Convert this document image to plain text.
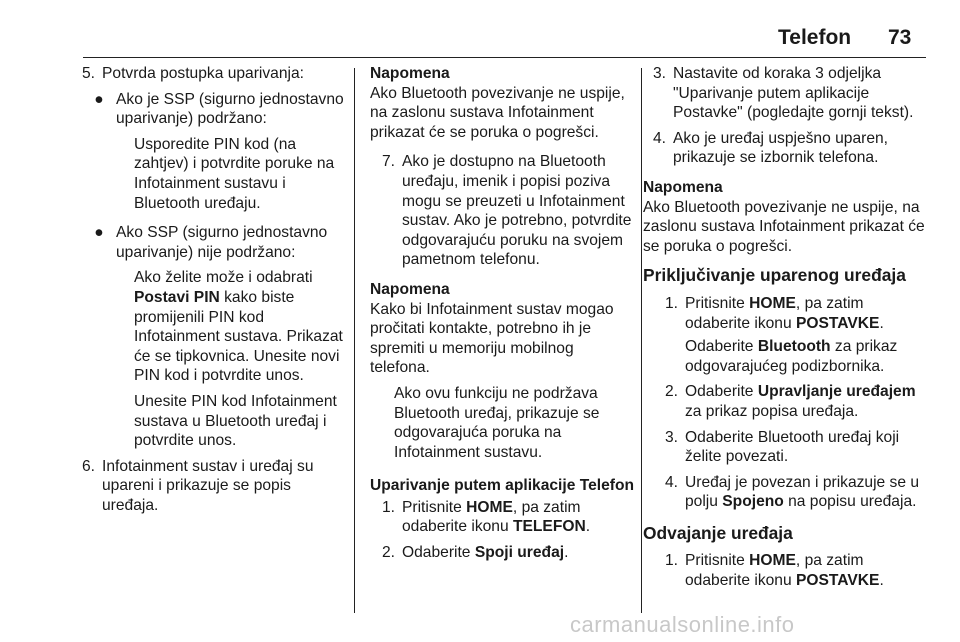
Telefon 73
5. Potvrda postupka uparivanja:
● Ako je SSP (sigurno jednostavno uparivanje) podržano:

Usporedite PIN kod (na zahtjev) i potvrdite poruke na Infotainment sustavu i Bluetooth uređaju.

● Ako SSP (sigurno jednostavno uparivanje) nije podržano:

Ako želite može i odabrati Postavi PIN kako biste promijenili PIN kod Infotainment sustava. Prikazat će se tipkovnica. Unesite novi PIN kod i potvrdite unos.

Unesite PIN kod Infotainment sustava u Bluetooth uređaj i potvrdite unos.

6. Infotainment sustav i uređaj su upareni i prikazuje se popis uređaja.

Napomena

Ako Bluetooth povezivanje ne uspije, na zaslonu sustava Infotainment prikazat će se poruka o pogrešci.

7. Ako je dostupno na Bluetooth uređaju, imenik i popisi poziva mogu se preuzeti u Infotainment sustav. Ako je potrebno, potvrdite odgovarajuću poruku na svojem pametnom telefonu.

Napomena

Kako bi Infotainment sustav mogao pročitati kontakte, potrebno ih je spremiti u memoriju mobilnog telefona.

Ako ovu funkciju ne podržava Bluetooth uređaj, prikazuje se odgovarajuća poruka na Infotainment sustavu.

Uparivanje putem aplikacije Telefon

1. Pritisnite HOME, pa zatim odaberite ikonu TELEFON.
2. Odaberite Spoji uređaj.
3. Nastavite od koraka 3 odjeljka "Uparivanje putem aplikacije Postavke" (pogledajte gornji tekst).
4. Ako je uređaj uspješno uparen, prikazuje se izbornik telefona.

Napomena

Ako Bluetooth povezivanje ne uspije, na zaslonu sustava Infotainment prikazat će se poruka o pogrešci.

Priključivanje uparenog uređaja

1. Pritisnite HOME, pa zatim odaberite ikonu POSTAVKE.

Odaberite Bluetooth za prikaz odgovarajućeg podizbornika.

2. Odaberite Upravljanje uređajem za prikaz popisa uređaja.
3. Odaberite Bluetooth uređaj koji želite povezati.
4. Uređaj je povezan i prikazuje se u polju Spojeno na popisu uređaja.

Odvajanje uređaja

1. Pritisnite HOME, pa zatim odaberite ikonu POSTAVKE.
carmanualsonline.info
